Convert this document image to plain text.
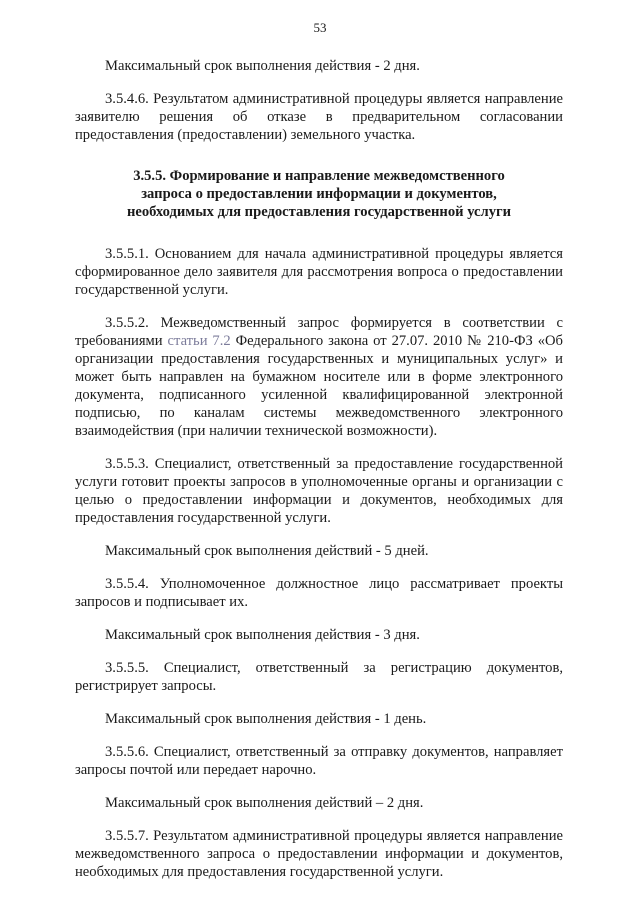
53

Максимальный срок выполнения действия - 2 дня.

3.5.4.6. Результатом административной процедуры является направление заявителю решения об отказе в предварительном согласовании предоставления (предоставлении) земельного участка.

3.5.5. Формирование и направление межведомственного
запроса о предоставлении информации и документов,
необходимых для предоставления государственной услуги

3.5.5.1. Основанием для начала административной процедуры является сформированное дело заявителя для рассмотрения вопроса о предоставлении государственной услуги.

3.5.5.2. Межведомственный запрос формируется в соответствии с требованиями статьи 7.2 Федерального закона от 27.07. 2010 № 210-ФЗ «Об организации предоставления государственных и муниципальных услуг» и может быть направлен на бумажном носителе или в форме электронного документа, подписанного усиленной квалифицированной электронной подписью, по каналам системы межведомственного электронного взаимодействия (при наличии технической возможности).

3.5.5.3. Специалист, ответственный за предоставление государственной услуги готовит проекты запросов в уполномоченные органы и организации с целью о предоставлении информации и документов, необходимых для предоставления государственной услуги.

Максимальный срок выполнения действий - 5 дней.

3.5.5.4. Уполномоченное должностное лицо рассматривает проекты запросов и подписывает их.

Максимальный срок выполнения действия - 3 дня.

3.5.5.5. Специалист, ответственный за регистрацию документов, регистрирует запросы.

Максимальный срок выполнения действия - 1 день.

3.5.5.6. Специалист, ответственный за отправку документов, направляет запросы почтой или передает нарочно.

Максимальный срок выполнения действий – 2 дня.

3.5.5.7. Результатом административной процедуры является направление межведомственного запроса о предоставлении информации и документов, необходимых для предоставления государственной услуги.
